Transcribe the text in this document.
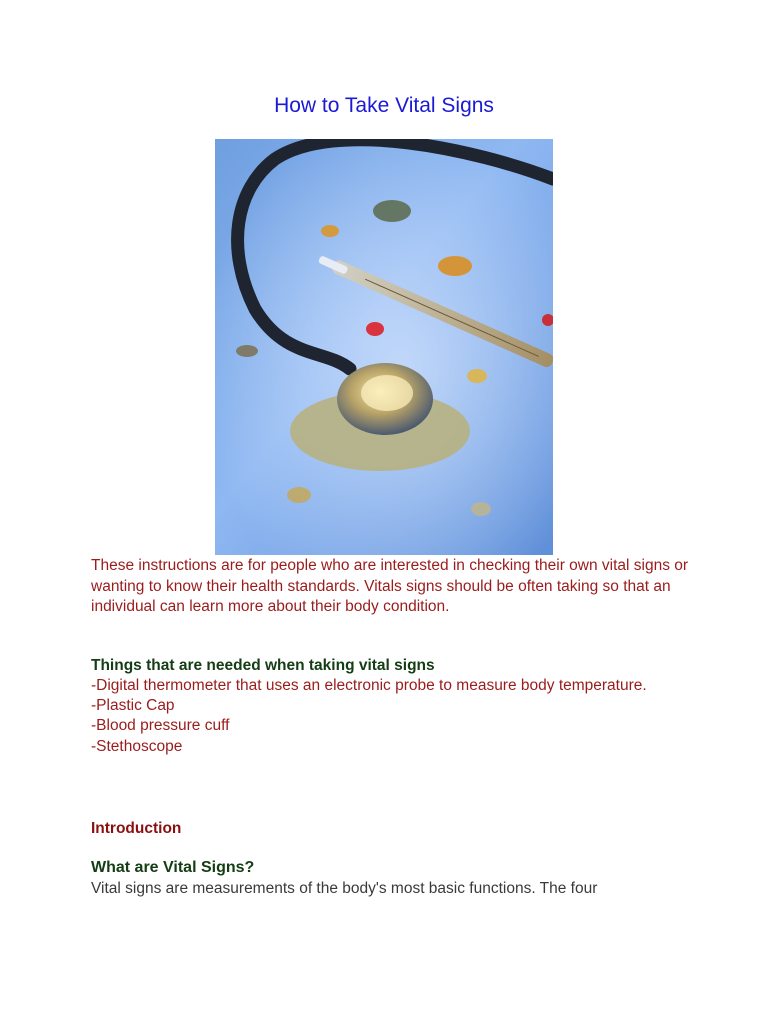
How to Take Vital Signs
These instructions are for people who are interested in checking their own vital signs or wanting to know their health standards. Vitals signs should be often taking so that an individual can learn more about their body condition.
Things that are needed when taking vital signs
-Digital thermometer that uses an electronic probe to measure body temperature.
-Plastic Cap
-Blood pressure cuff
-Stethoscope
Introduction
What are Vital Signs?
Vital signs are measurements of the body's most basic functions. The four
